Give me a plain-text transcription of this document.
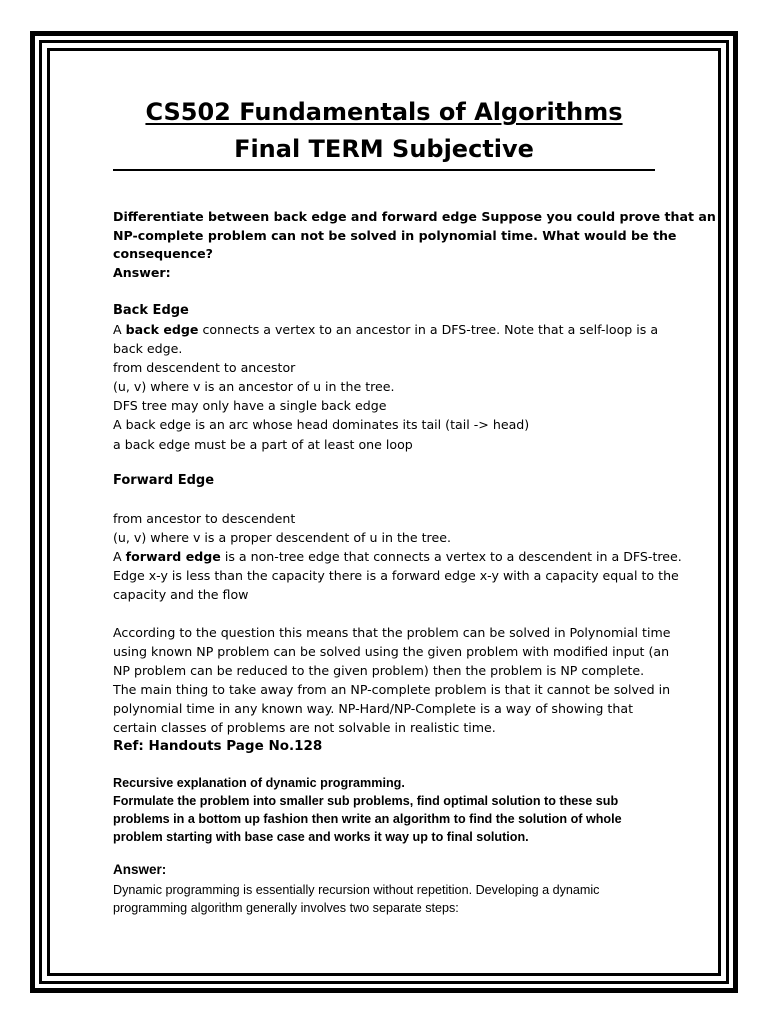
CS502 Fundamentals of Algorithms
Final TERM Subjective
Differentiate between back edge and forward edge Suppose you could prove that an
NP-complete problem can not be solved in polynomial time. What would be the
consequence?
Answer:
Back Edge
A back edge connects a vertex to an ancestor in a DFS-tree. Note that a self-loop is a
back edge.
from descendent to ancestor
(u, v) where v is an ancestor of u in the tree.
DFS tree may only have a single back edge
A back edge is an arc whose head dominates its tail (tail -> head)
a back edge must be a part of at least one loop
Forward Edge
from ancestor to descendent
(u, v) where v is a proper descendent of u in the tree.
A forward edge is a non-tree edge that connects a vertex to a descendent in a DFS-tree.
Edge x-y is less than the capacity there is a forward edge x-y with a capacity equal to the
capacity and the flow
According to the question this means that the problem can be solved in Polynomial time
using known NP problem can be solved using the given problem with modified input (an
NP problem can be reduced to the given problem) then the problem is NP complete.
The main thing to take away from an NP-complete problem is that it cannot be solved in
polynomial time in any known way. NP-Hard/NP-Complete is a way of showing that
certain classes of problems are not solvable in realistic time.
Ref: Handouts Page No.128
Recursive explanation of dynamic programming.
Formulate the problem into smaller sub problems, find optimal solution to these sub
problems in a bottom up fashion then write an algorithm to find the solution of whole
problem starting with base case and works it way up to final solution.
Answer:
Dynamic programming is essentially recursion without repetition. Developing a dynamic
programming algorithm generally involves two separate steps:
